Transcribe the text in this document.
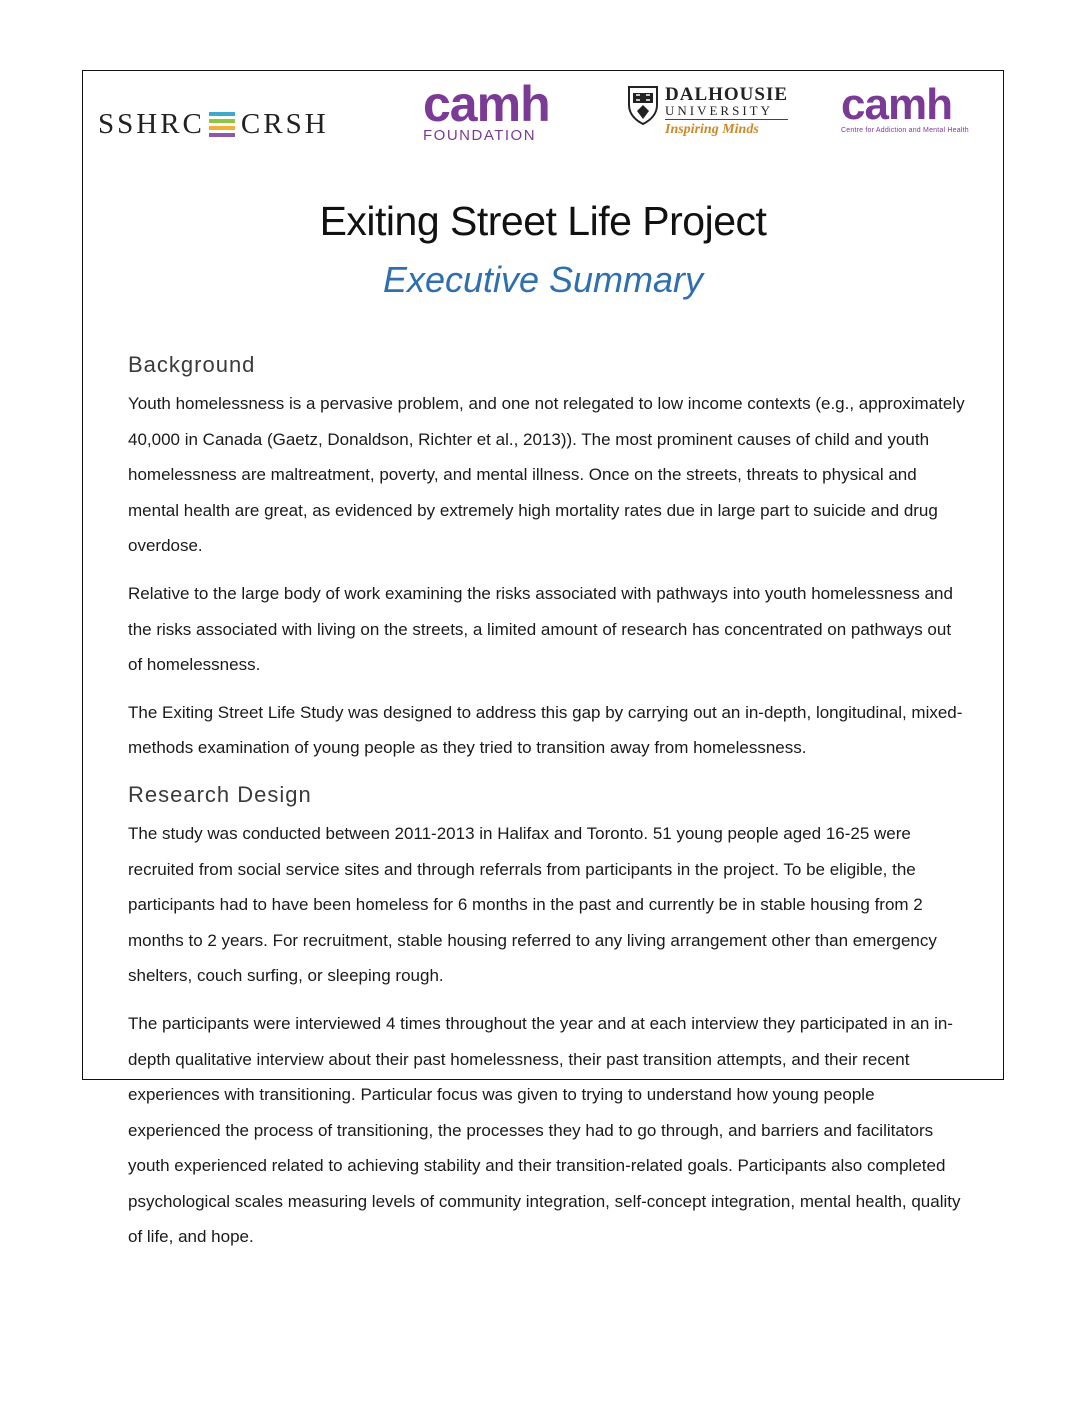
SSHRC CRSH camh
FOUNDATION
DALHOUSIE
UNIVERSITY
Inspiring Minds
camh
Centre for Addiction and Mental Health
Exiting Street Life Project
Executive Summary
Background

Youth homelessness is a pervasive problem, and one not relegated to low income contexts (e.g., approximately 40,000 in Canada (Gaetz, Donaldson, Richter et al., 2013)). The most prominent causes of child and youth homelessness are maltreatment, poverty, and mental illness. Once on the streets, threats to physical and mental health are great, as evidenced by extremely high mortality rates due in large part to suicide and drug overdose.

Relative to the large body of work examining the risks associated with pathways into youth homelessness and the risks associated with living on the streets, a limited amount of research has concentrated on pathways out of homelessness.

The Exiting Street Life Study was designed to address this gap by carrying out an in-depth, longitudinal, mixed-methods examination of young people as they tried to transition away from homelessness.

Research Design

The study was conducted between 2011-2013 in Halifax and Toronto. 51 young people aged 16-25 were recruited from social service sites and through referrals from participants in the project. To be eligible, the participants had to have been homeless for 6 months in the past and currently be in stable housing from 2 months to 2 years. For recruitment, stable housing referred to any living arrangement other than emergency shelters, couch surfing, or sleeping rough.

The participants were interviewed 4 times throughout the year and at each interview they participated in an in-depth qualitative interview about their past homelessness, their past transition attempts, and their recent experiences with transitioning. Particular focus was given to trying to understand how young people experienced the process of transitioning, the processes they had to go through, and barriers and facilitators youth experienced related to achieving stability and their transition-related goals. Participants also completed psychological scales measuring levels of community integration, self-concept integration, mental health, quality of life, and hope.
